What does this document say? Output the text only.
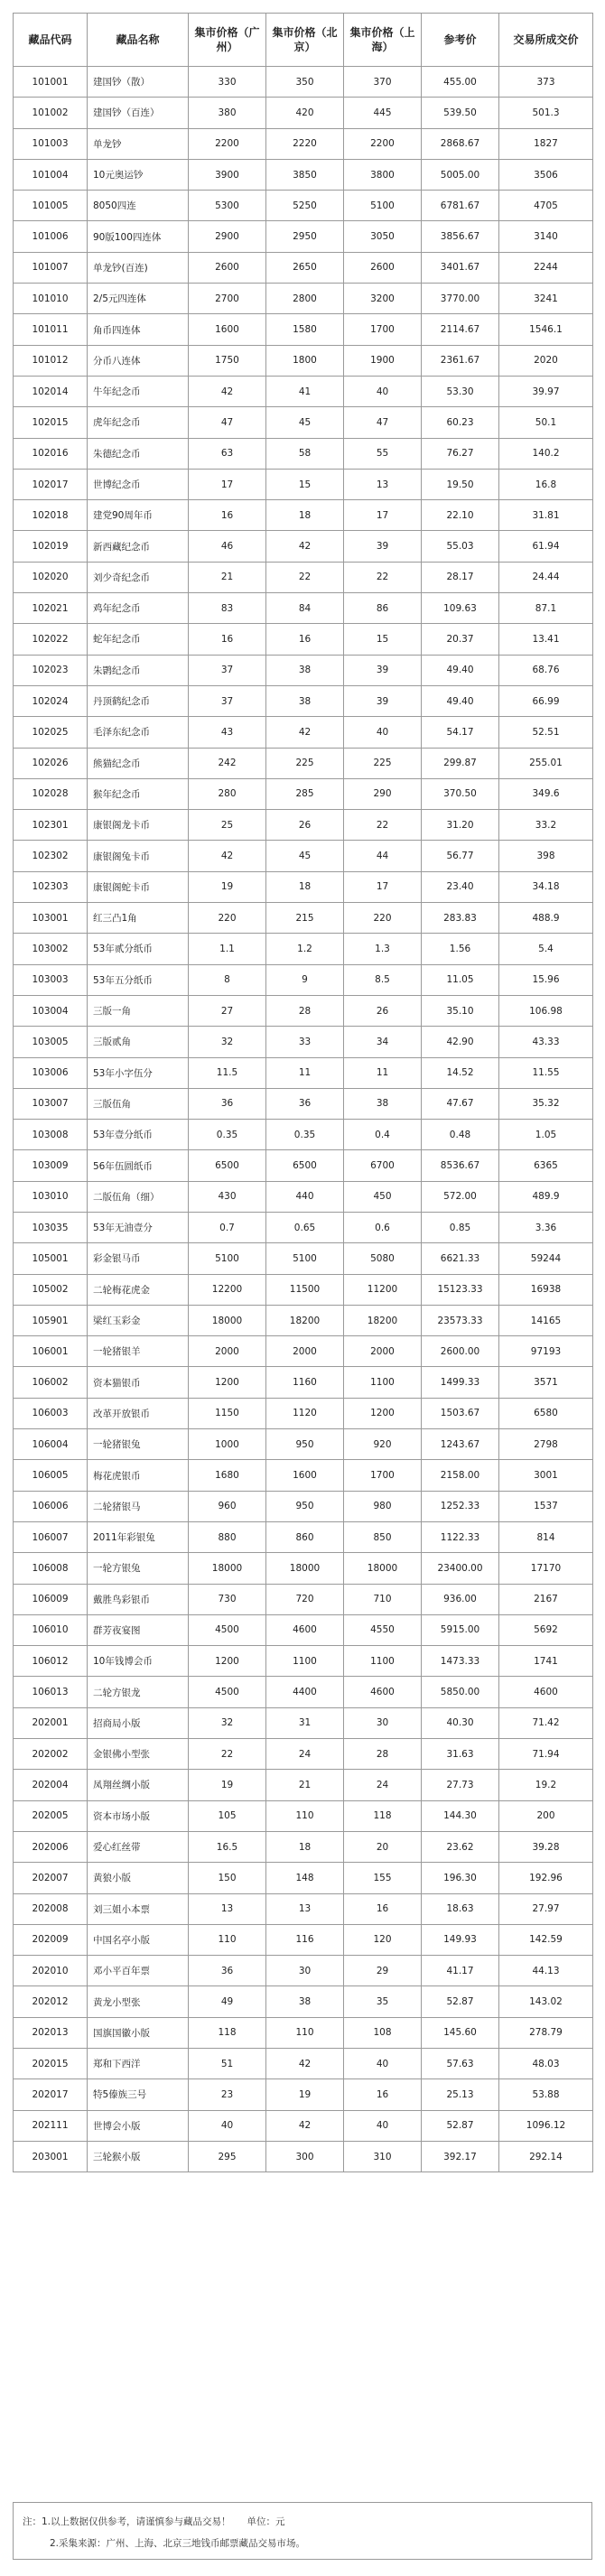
藏品代码	藏品名称	集市价格（广州）	集市价格（北京）	集市价格（上海）	参考价	交易所成交价
101001	建国钞（散）	330	350	370	455.00	373
101002	建国钞（百连）	380	420	445	539.50	501.3
101003	单龙钞	2200	2220	2200	2868.67	1827
101004	10元奥运钞	3900	3850	3800	5005.00	3506
101005	8050四连	5300	5250	5100	6781.67	4705
101006	90版100四连体	2900	2950	3050	3856.67	3140
101007	单龙钞(百连)	2600	2650	2600	3401.67	2244
101010	2/5元四连体	2700	2800	3200	3770.00	3241
101011	角币四连体	1600	1580	1700	2114.67	1546.1
101012	分币八连体	1750	1800	1900	2361.67	2020
102014	牛年纪念币	42	41	40	53.30	39.97
102015	虎年纪念币	47	45	47	60.23	50.1
102016	朱德纪念币	63	58	55	76.27	140.2
102017	世博纪念币	17	15	13	19.50	16.8
102018	建党90周年币	16	18	17	22.10	31.81
102019	新西藏纪念币	46	42	39	55.03	61.94
102020	刘少奇纪念币	21	22	22	28.17	24.44
102021	鸡年纪念币	83	84	86	109.63	87.1
102022	蛇年纪念币	16	16	15	20.37	13.41
102023	朱鹮纪念币	37	38	39	49.40	68.76
102024	丹顶鹤纪念币	37	38	39	49.40	66.99
102025	毛泽东纪念币	43	42	40	54.17	52.51
102026	熊猫纪念币	242	225	225	299.87	255.01
102028	猴年纪念币	280	285	290	370.50	349.6
102301	康银阁龙卡币	25	26	22	31.20	33.2
102302	康银阁兔卡币	42	45	44	56.77	398
102303	康银阁蛇卡币	19	18	17	23.40	34.18
103001	红三凸1角	220	215	220	283.83	488.9
103002	53年贰分纸币	1.1	1.2	1.3	1.56	5.4
103003	53年五分纸币	8	9	8.5	11.05	15.96
103004	三版一角	27	28	26	35.10	106.98
103005	三版贰角	32	33	34	42.90	43.33
103006	53年小字伍分	11.5	11	11	14.52	11.55
103007	三版伍角	36	36	38	47.67	35.32
103008	53年壹分纸币	0.35	0.35	0.4	0.48	1.05
103009	56年伍圆纸币	6500	6500	6700	8536.67	6365
103010	二版伍角（细）	430	440	450	572.00	489.9
103035	53年无油壹分	0.7	0.65	0.6	0.85	3.36
105001	彩金银马币	5100	5100	5080	6621.33	59244
105002	二轮梅花虎金	12200	11500	11200	15123.33	16938
105901	梁红玉彩金	18000	18200	18200	23573.33	14165
106001	一轮猪银羊	2000	2000	2000	2600.00	97193
106002	资本猫银币	1200	1160	1100	1499.33	3571
106003	改革开放银币	1150	1120	1200	1503.67	6580
106004	一轮猪银兔	1000	950	920	1243.67	2798
106005	梅花虎银币	1680	1600	1700	2158.00	3001
106006	二轮猪银马	960	950	980	1252.33	1537
106007	2011年彩银兔	880	860	850	1122.33	814
106008	一轮方银兔	18000	18000	18000	23400.00	17170
106009	戴胜鸟彩银币	730	720	710	936.00	2167
106010	群芳夜宴图	4500	4600	4550	5915.00	5692
106012	10年钱博会币	1200	1100	1100	1473.33	1741
106013	二轮方银龙	4500	4400	4600	5850.00	4600
202001	招商局小版	32	31	30	40.30	71.42
202002	金银佛小型张	22	24	28	31.63	71.94
202004	凤翔丝绸小版	19	21	24	27.73	19.2
202005	资本市场小版	105	110	118	144.30	200
202006	爱心红丝带	16.5	18	20	23.62	39.28
202007	黄狼小版	150	148	155	196.30	192.96
202008	刘三姐小本票	13	13	16	18.63	27.97
202009	中国名亭小版	110	116	120	149.93	142.59
202010	邓小平百年票	36	30	29	41.17	44.13
202012	黄龙小型张	49	38	35	52.87	143.02
202013	国旗国徽小版	118	110	108	145.60	278.79
202015	郑和下西洋	51	42	40	57.63	48.03
202017	特5傣族三号	23	19	16	25.13	53.88
202111	世博会小版	40	42	40	52.87	1096.12
203001	三轮猴小版	295	300	310	392.17	292.14
注：1.以上数据仅供参考，请谨慎参与藏品交易！ 单位：元
2.采集来源：广州、上海、北京三地钱币邮票藏品交易市场。
